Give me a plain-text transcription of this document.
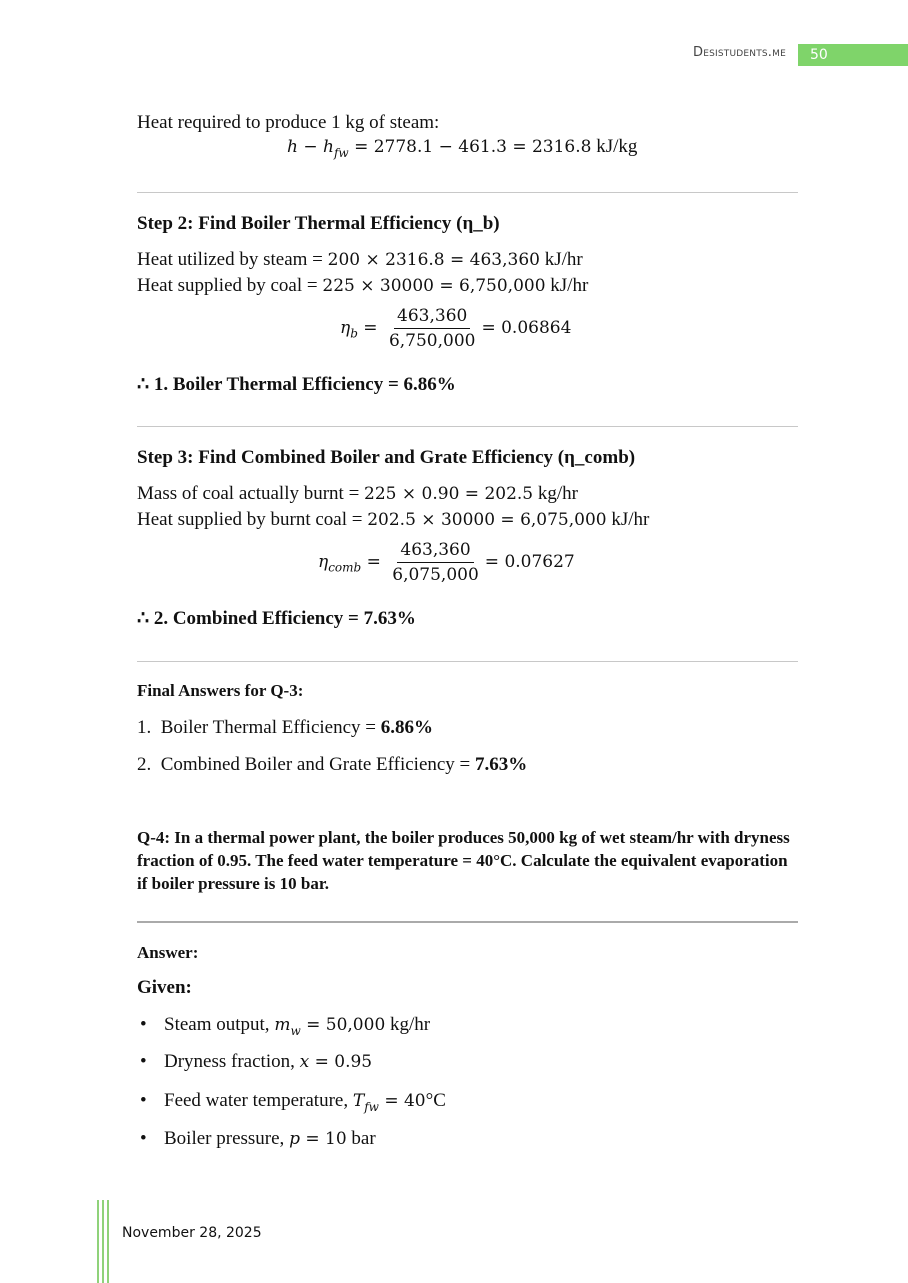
Desistudents.me	50
Heat required to produce 1 kg of steam:
$h - h_{fw} = 2778.1 - 461.3 = 2316.8$ kJ/kg
Step 2: Find Boiler Thermal Efficiency (η_b)
Heat utilized by steam = 200 × 2316.8 = 463,360 kJ/hr
Heat supplied by coal = 225 × 30000 = 6,750,000 kJ/hr
$\eta_b = \frac{463,360}{6,750,000} = 0.06864$
∴ 1. Boiler Thermal Efficiency = 6.86%
Step 3: Find Combined Boiler and Grate Efficiency (η_comb)
Mass of coal actually burnt = 225 × 0.90 = 202.5 kg/hr
Heat supplied by burnt coal = 202.5 × 30000 = 6,075,000 kJ/hr
$\eta_{comb} = \frac{463,360}{6,075,000} = 0.07627$
∴ 2. Combined Efficiency = 7.63%
Final Answers for Q-3:
1. Boiler Thermal Efficiency = 6.86%
2. Combined Boiler and Grate Efficiency = 7.63%
Q-4: In a thermal power plant, the boiler produces 50,000 kg of wet steam/hr with dryness fraction of 0.95. The feed water temperature = 40°C. Calculate the equivalent evaporation if boiler pressure is 10 bar.
Answer:
Given:
• Steam output, $m_w = 50,000$ kg/hr
• Dryness fraction, x = 0.95
• Feed water temperature, $T_{fw} = 40^\circ C$
• Boiler pressure, p = 10 bar
November 28, 2025
